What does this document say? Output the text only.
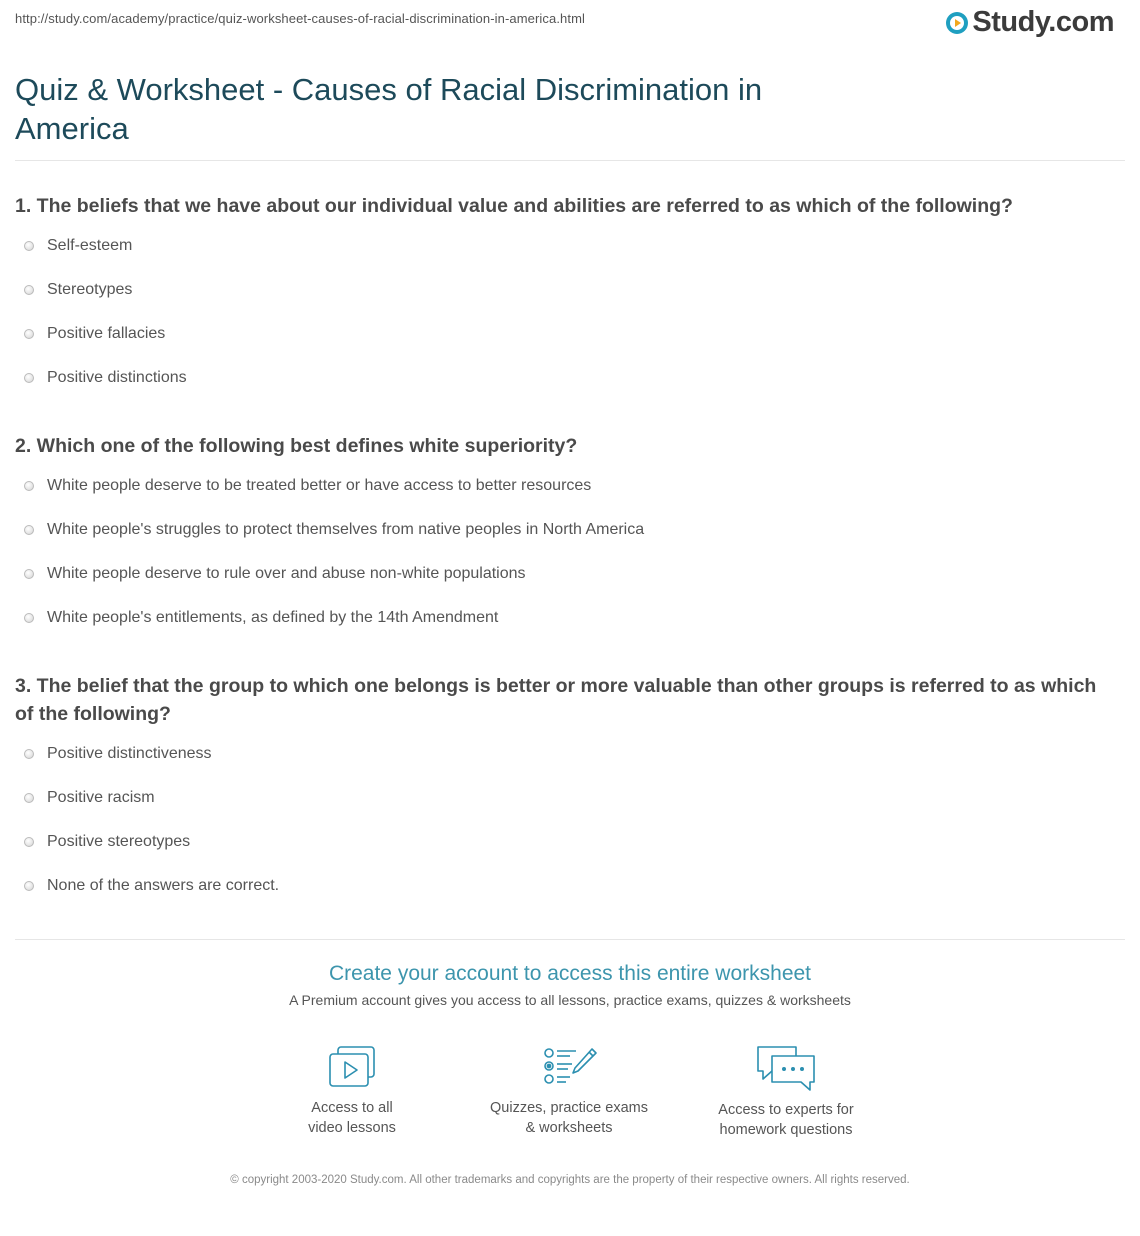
http://study.com/academy/practice/quiz-worksheet-causes-of-racial-discrimination-in-america.html	Study.com
Quiz & Worksheet - Causes of Racial Discrimination in America

1. The beliefs that we have about our individual value and abilities are referred to as which of the following?

Self-esteem
Stereotypes
Positive fallacies
Positive distinctions

2. Which one of the following best defines white superiority?

White people deserve to be treated better or have access to better resources
White people's struggles to protect themselves from native peoples in North America
White people deserve to rule over and abuse non-white populations
White people's entitlements, as defined by the 14th Amendment

3. The belief that the group to which one belongs is better or more valuable than other groups is referred to as which of the following?

Positive distinctiveness
Positive racism
Positive stereotypes
None of the answers are correct.
Create your account to access this entire worksheet
A Premium account gives you access to all lessons, practice exams, quizzes & worksheets
Access to all
video lessons
Quizzes, practice exams
& worksheets
Access to experts for
homework questions
© copyright 2003-2020 Study.com. All other trademarks and copyrights are the property of their respective owners. All rights reserved.
